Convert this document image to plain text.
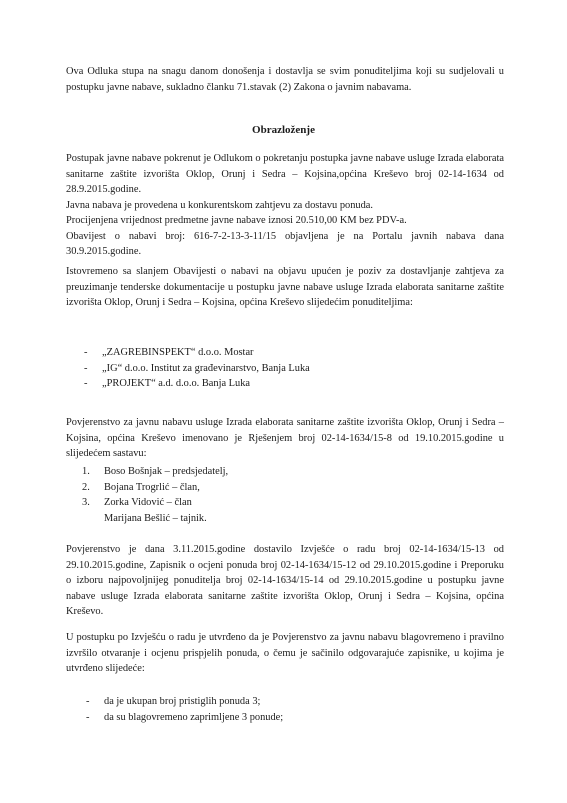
Ova Odluka stupa na snagu danom donošenja i dostavlja se svim ponuditeljima koji su sudjelovali u postupku javne nabave, sukladno članku 71.stavak (2) Zakona o javnim nabavama.
Obrazloženje
Postupak javne nabave pokrenut je Odlukom o pokretanju postupka javne nabave usluge Izrada elaborata sanitarne zaštite izvorišta Oklop, Orunj i Sedra – Kojsina,općina Kreševo broj 02-14-1634 od 28.9.2015.godine.
Javna nabava je provedena u konkurentskom zahtjevu za dostavu ponuda.
Procijenjena vrijednost predmetne javne nabave iznosi 20.510,00 KM bez PDV-a.
Obavijest o nabavi broj: 616-7-2-13-3-11/15 objavljena je na Portalu javnih nabava dana 30.9.2015.godine.
Istovremeno sa slanjem Obavijesti o nabavi na objavu upućen je poziv za dostavljanje zahtjeva za preuzimanje tenderske dokumentacije u postupku javne nabave usluge Izrada elaborata sanitarne zaštite izvorišta Oklop, Orunj i Sedra – Kojsina, općina Kreševo slijedećim ponuditeljima:
-	„ZAGREBINSPEKT“ d.o.o. Mostar
-	„IG“ d.o.o. Institut za građevinarstvo, Banja Luka
-	„PROJEKT“ a.d. d.o.o. Banja Luka
Povjerenstvo za javnu nabavu usluge Izrada elaborata sanitarne zaštite izvorišta Oklop, Orunj i Sedra – Kojsina, općina Kreševo imenovano je Rješenjem broj 02-14-1634/15-8 od 19.10.2015.godine u slijedećem sastavu:
1.	Boso Bošnjak – predsjedatelj,
2.	Bojana Trogrlić – član,
3.	Zorka Vidović – član
Marijana Bešlić – tajnik.
Povjerenstvo je dana 3.11.2015.godine dostavilo Izvješće o radu broj 02-14-1634/15-13 od 29.10.2015.godine, Zapisnik o ocjeni ponuda broj 02-14-1634/15-12 od 29.10.2015.godine i Preporuku o izboru najpovoljnijeg ponuditelja broj 02-14-1634/15-14 od 29.10.2015.godine u postupku javne nabave usluge Izrada elaborata sanitarne zaštite izvorišta Oklop, Orunj i Sedra – Kojsina, općina Kreševo.
U postupku po Izvješću o radu je utvrđeno da je Povjerenstvo za javnu nabavu blagovremeno i pravilno izvršilo otvaranje i ocjenu prispjelih ponuda, o čemu je sačinilo odgovarajuće zapisnike, u kojima je utvrđeno slijedeće:
-	da je ukupan broj pristiglih ponuda 3;
-	da su blagovremeno zaprimljene 3 ponude;
